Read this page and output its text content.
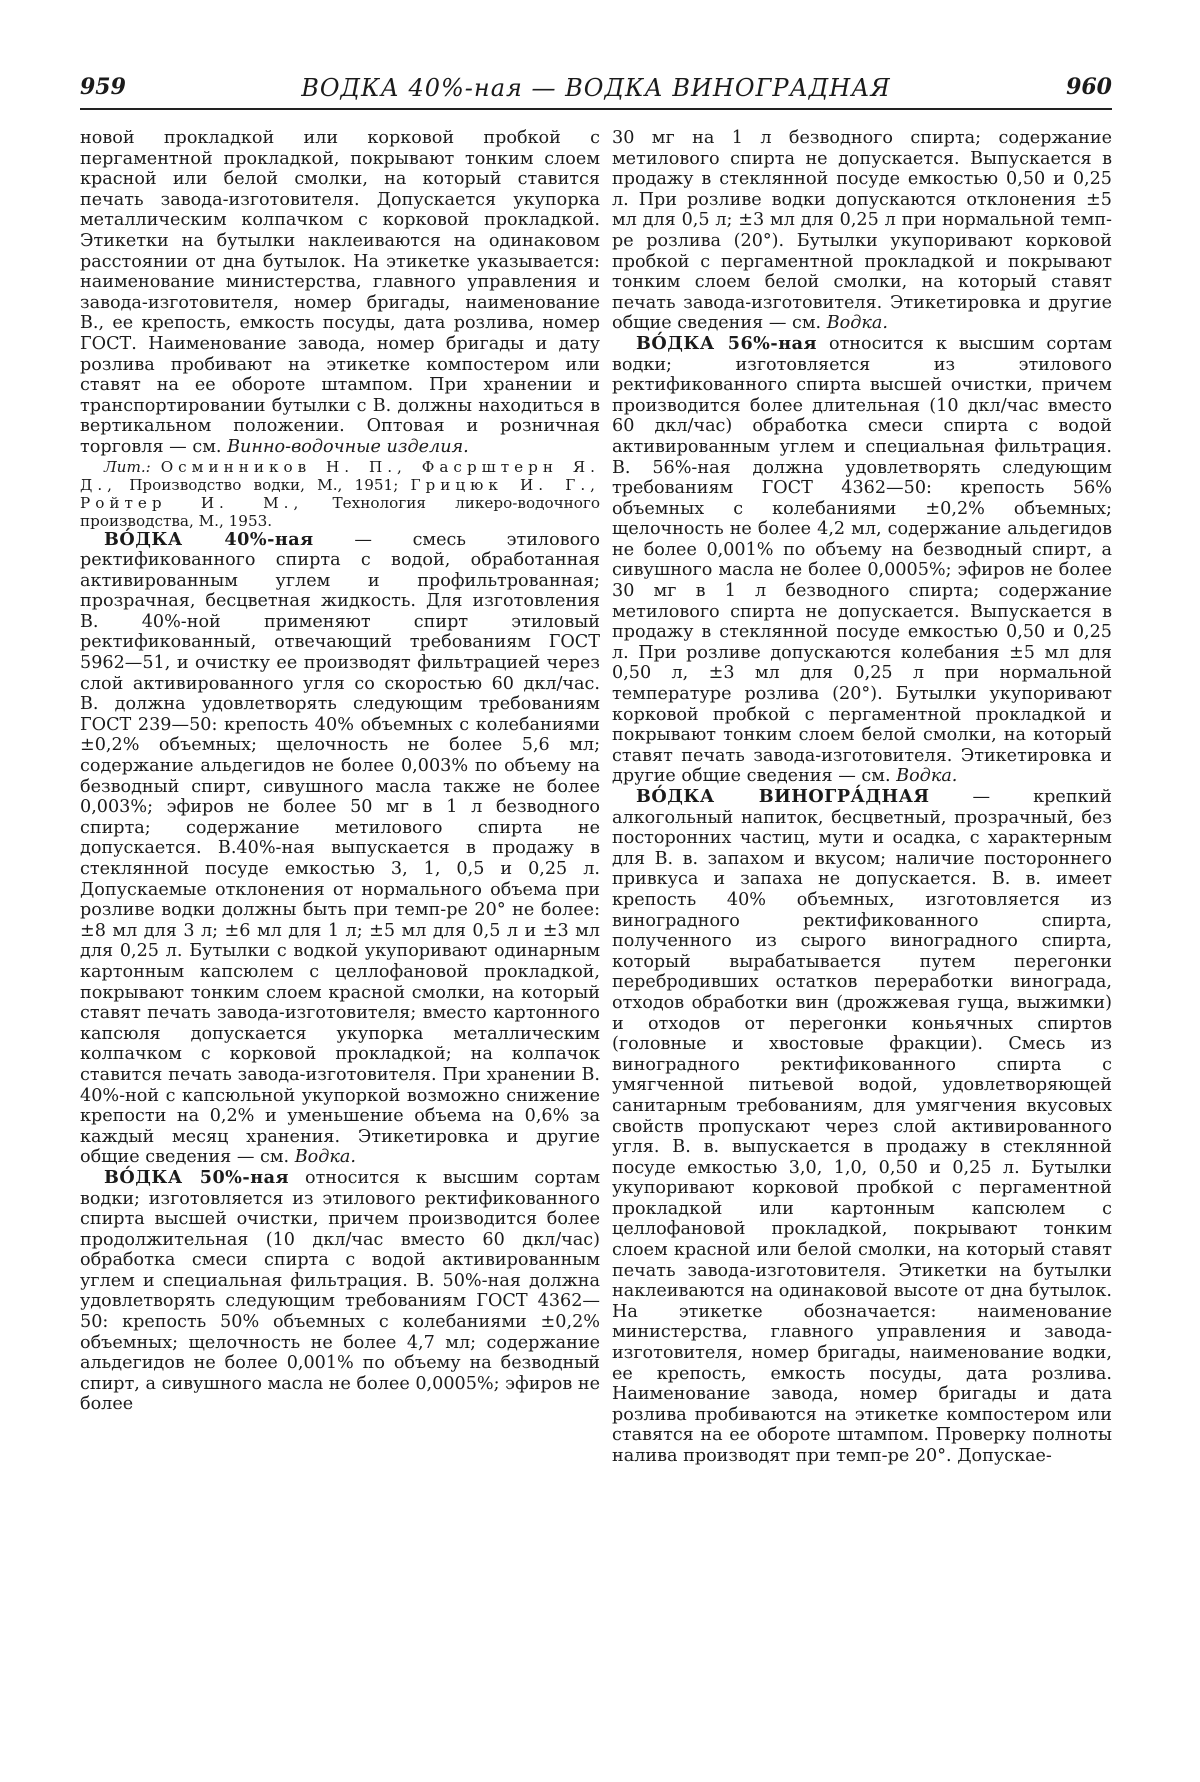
959	ВОДКА 40%-ная — ВОДКА ВИНОГРАДНАЯ	960

новой прокладкой или корковой пробкой с пергаментной прокладкой, покрывают тонким слоем красной или белой смолки, на который ставится печать завода-изготовителя. Допускается укупорка металлическим колпачком с корковой прокладкой. Этикетки на бутылки наклеиваются на одинаковом расстоянии от дна бутылок. На этикетке указывается: наименование министерства, главного управления и завода-изготовителя, номер бригады, наименование В., ее крепость, емкость посуды, дата розлива, номер ГОСТ. Наименование завода, номер бригады и дату розлива пробивают на этикетке компостером или ставят на ее обороте штампом. При хранении и транспортировании бутылки с В. должны находиться в вертикальном положении. Оптовая и розничная торговля — см. Винно-водочные изделия.

Лит.: Осминников Н. П., Фасрштерн Я. Д., Производство водки, М., 1951; Грицюк И. Г., Ройтер И. М., Технология ликеро-водочного производства, М., 1953.

ВО́ДКА 40%-ная — смесь этилового ректификованного спирта с водой, обработанная активированным углем и профильтрованная; прозрачная, бесцветная жидкость. Для изготовления В. 40%-ной применяют спирт этиловый ректификованный, отвечающий требованиям ГОСТ 5962—51, и очистку ее производят фильтрацией через слой активированного угля со скоростью 60 дкл/час. В. должна удовлетворять следующим требованиям ГОСТ 239—50: крепость 40% объемных с колебаниями ±0,2% объемных; щелочность не более 5,6 мл; содержание альдегидов не более 0,003% по объему на безводный спирт, сивушного масла также не более 0,003%; эфиров не более 50 мг в 1 л безводного спирта; содержание метилового спирта не допускается. В.40%-ная выпускается в продажу в стеклянной посуде емкостью 3, 1, 0,5 и 0,25 л. Допускаемые отклонения от нормального объема при розливе водки должны быть при темп-ре 20° не более: ±8 мл для 3 л; ±6 мл для 1 л; ±5 мл для 0,5 л и ±3 мл для 0,25 л. Бутылки с водкой укупоривают одинарным картонным капсюлем с целлофановой прокладкой, покрывают тонким слоем красной смолки, на который ставят печать завода-изготовителя; вместо картонного капсюля допускается укупорка металлическим колпачком с корковой прокладкой; на колпачок ставится печать завода-изготовителя. При хранении В. 40%-ной с капсюльной укупоркой возможно снижение крепости на 0,2% и уменьшение объема на 0,6% за каждый месяц хранения. Этикетировка и другие общие сведения — см. Водка.

ВО́ДКА 50%-ная относится к высшим сортам водки; изготовляется из этилового ректификованного спирта высшей очистки, причем производится более продолжительная (10 дкл/час вместо 60 дкл/час) обработка смеси спирта с водой активированным углем и специальная фильтрация. В. 50%-ная должна удовлетворять следующим требованиям ГОСТ 4362—50: крепость 50% объемных с колебаниями ±0,2% объемных; щелочность не более 4,7 мл; содержание альдегидов не более 0,001% по объему на безводный спирт, а сивушного масла не более 0,0005%; эфиров не более

30 мг на 1 л безводного спирта; содержание метилового спирта не допускается. Выпускается в продажу в стеклянной посуде емкостью 0,50 и 0,25 л. При розливе водки допускаются отклонения ±5 мл для 0,5 л; ±3 мл для 0,25 л при нормальной темп-ре розлива (20°). Бутылки укупоривают корковой пробкой с пергаментной прокладкой и покрывают тонким слоем белой смолки, на который ставят печать завода-изготовителя. Этикетировка и другие общие сведения — см. Водка.

ВО́ДКА 56%-ная относится к высшим сортам водки; изготовляется из этилового ректификованного спирта высшей очистки, причем производится более длительная (10 дкл/час вместо 60 дкл/час) обработка смеси спирта с водой активированным углем и специальная фильтрация. В. 56%-ная должна удовлетворять следующим требованиям ГОСТ 4362—50: крепость 56% объемных с колебаниями ±0,2% объемных; щелочность не более 4,2 мл, содержание альдегидов не более 0,001% по объему на безводный спирт, а сивушного масла не более 0,0005%; эфиров не более 30 мг в 1 л безводного спирта; содержание метилового спирта не допускается. Выпускается в продажу в стеклянной посуде емкостью 0,50 и 0,25 л. При розливе допускаются колебания ±5 мл для 0,50 л, ±3 мл для 0,25 л при нормальной температуре розлива (20°). Бутылки укупоривают корковой пробкой с пергаментной прокладкой и покрывают тонким слоем белой смолки, на который ставят печать завода-изготовителя. Этикетировка и другие общие сведения — см. Водка.

ВО́ДКА ВИНОГРА́ДНАЯ — крепкий алкогольный напиток, бесцветный, прозрачный, без посторонних частиц, мути и осадка, с характерным для В. в. запахом и вкусом; наличие постороннего привкуса и запаха не допускается. В. в. имеет крепость 40% объемных, изготовляется из виноградного ректификованного спирта, полученного из сырого виноградного спирта, который вырабатывается путем перегонки перебродивших остатков переработки винограда, отходов обработки вин (дрожжевая гуща, выжимки) и отходов от перегонки коньячных спиртов (головные и хвостовые фракции). Смесь из виноградного ректификованного спирта с умягченной питьевой водой, удовлетворяющей санитарным требованиям, для умягчения вкусовых свойств пропускают через слой активированного угля. В. в. выпускается в продажу в стеклянной посуде емкостью 3,0, 1,0, 0,50 и 0,25 л. Бутылки укупоривают корковой пробкой с пергаментной прокладкой или картонным капсюлем с целлофановой прокладкой, покрывают тонким слоем красной или белой смолки, на который ставят печать завода-изготовителя. Этикетки на бутылки наклеиваются на одинаковой высоте от дна бутылок. На этикетке обозначается: наименование министерства, главного управления и завода-изготовителя, номер бригады, наименование водки, ее крепость, емкость посуды, дата розлива. Наименование завода, номер бригады и дата розлива пробиваются на этикетке компостером или ставятся на ее обороте штампом. Проверку полноты налива производят при темп-ре 20°. Допускае-
